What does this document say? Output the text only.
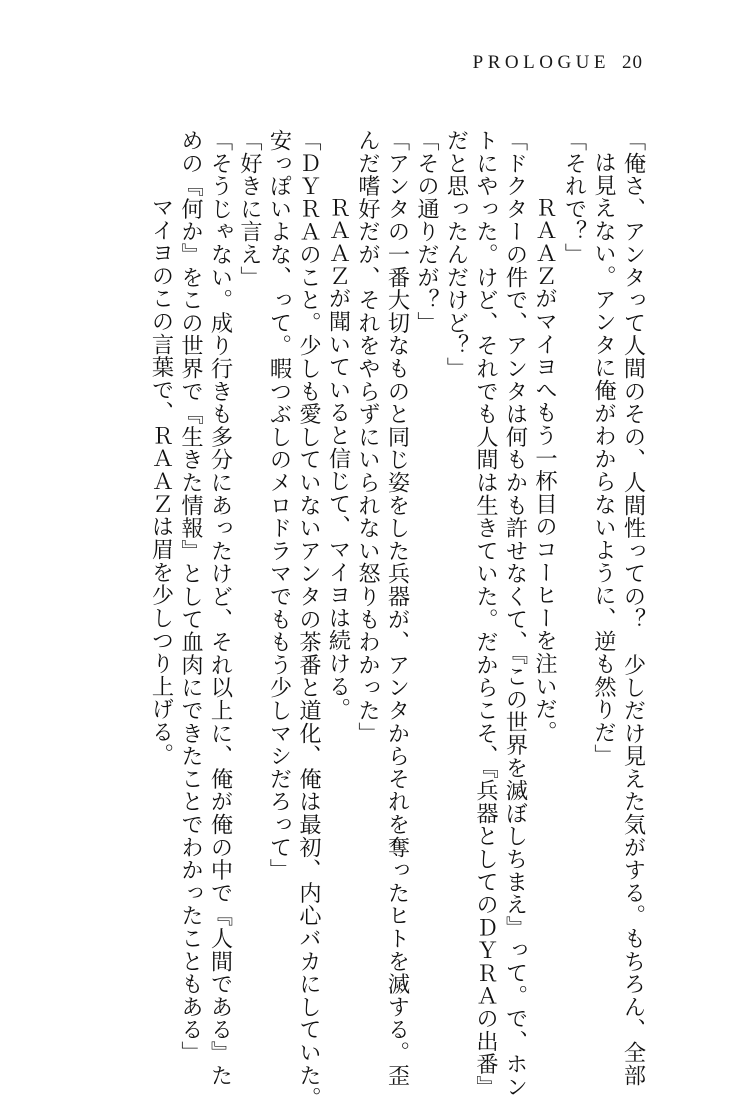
PROLOGUE 20

「俺さ、アンタって人間のその、人間性っての？　少しだけ見えた気がする。もちろん、全部

は見えない。アンタに俺がわからないように、逆も然りだ」

「それで？」

ＲＡＡＺがマイヨへもう一杯目のコーヒーを注いだ。

「ドクターの件で、アンタは何もかも許せなくて、『この世界を滅ぼしちまえ』って。で、ホン

トにやった。けど、それでも人間は生きていた。だからこそ、『兵器としてのＤＹＲＡの出番』

だと思ったんだけど？」

「その通りだが？」

「アンタの一番大切なものと同じ姿をした兵器が、アンタからそれを奪ったヒトを滅する。歪

んだ嗜好だが、それをやらずにいられない怒りもわかった」

ＲＡＡＺが聞いていると信じて、マイヨは続ける。

「ＤＹＲＡのこと。少しも愛していないアンタの茶番と道化、俺は最初、内心バカにしていた。

安っぽいよな、って。暇つぶしのメロドラマでももう少しマシだろって」

「好きに言え」

「そうじゃない。成り行きも多分にあったけど、それ以上に、俺が俺の中で『人間である』た

めの『何か』をこの世界で『生きた情報』として血肉にできたことでわかったこともある」

マイヨのこの言葉で、ＲＡＡＺは眉を少しつり上げる。
